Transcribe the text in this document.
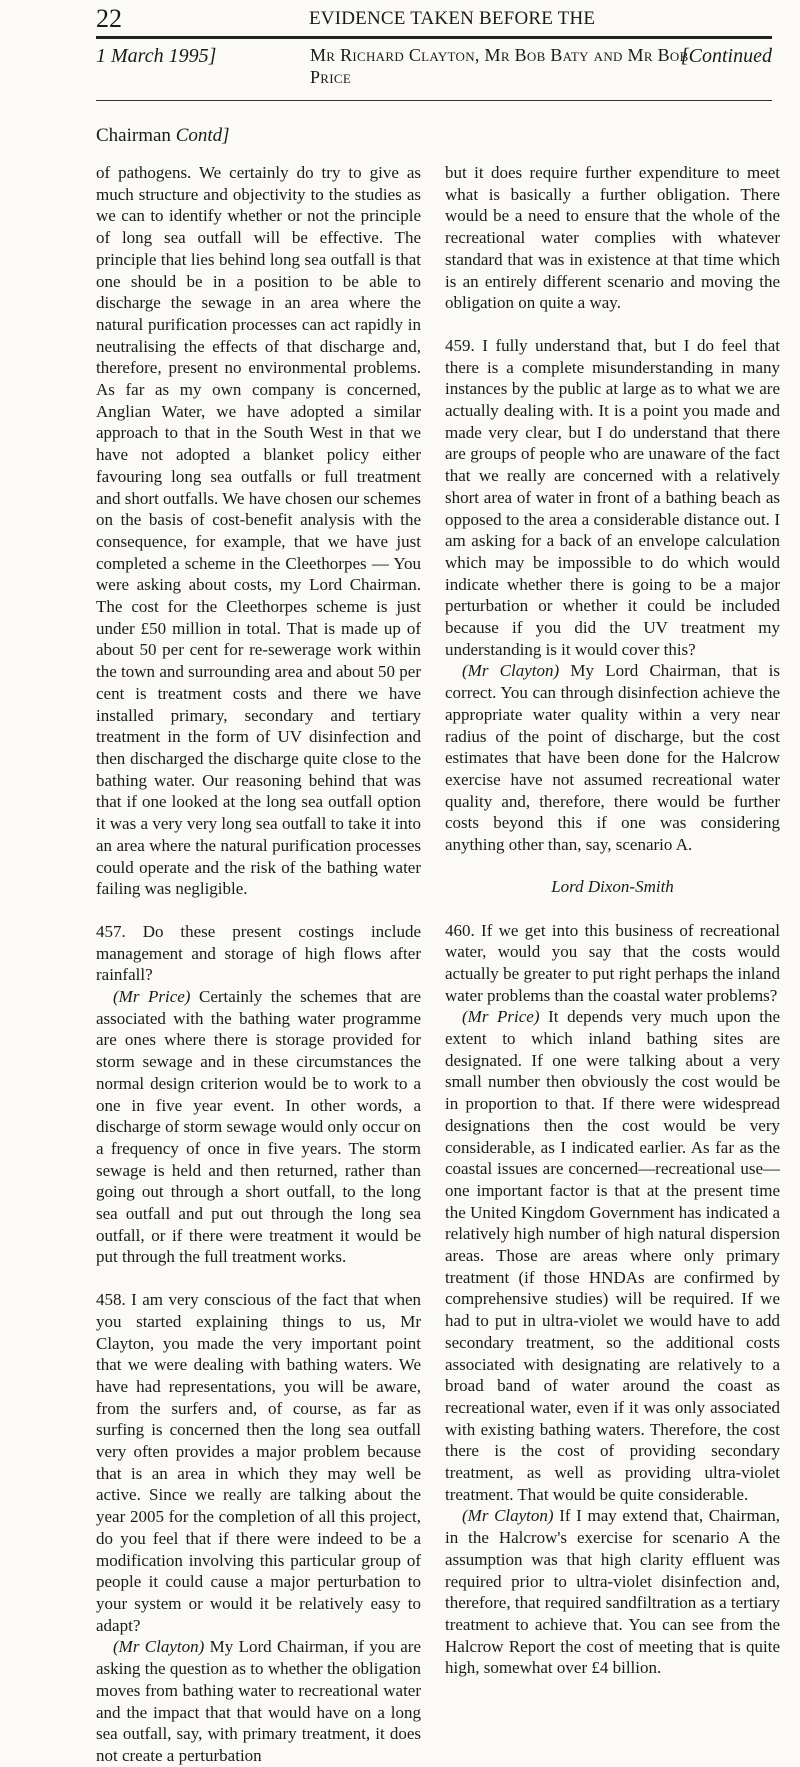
22	EVIDENCE TAKEN BEFORE THE
1 March 1995]	Mr Richard Clayton, Mr Bob Baty and Mr Bob Price
[Continued
Chairman Contd]

of pathogens. We certainly do try to give as much structure and objectivity to the studies as we can to identify whether or not the principle of long sea outfall will be effective. The principle that lies behind long sea outfall is that one should be in a position to be able to discharge the sewage in an area where the natural purification processes can act rapidly in neutralising the effects of that discharge and, therefore, present no environmental problems. As far as my own company is concerned, Anglian Water, we have adopted a similar approach to that in the South West in that we have not adopted a blanket policy either favouring long sea outfalls or full treatment and short outfalls. We have chosen our schemes on the basis of cost-benefit analysis with the consequence, for example, that we have just completed a scheme in the Cleethorpes — You were asking about costs, my Lord Chairman. The cost for the Cleethorpes scheme is just under £50 million in total. That is made up of about 50 per cent for re-sewerage work within the town and surrounding area and about 50 per cent is treatment costs and there we have installed primary, secondary and tertiary treatment in the form of UV disinfection and then discharged the discharge quite close to the bathing water. Our reasoning behind that was that if one looked at the long sea outfall option it was a very very long sea outfall to take it into an area where the natural purification processes could operate and the risk of the bathing water failing was negligible.

457. Do these present costings include management and storage of high flows after rainfall?

(Mr Price) Certainly the schemes that are associated with the bathing water programme are ones where there is storage provided for storm sewage and in these circumstances the normal design criterion would be to work to a one in five year event. In other words, a discharge of storm sewage would only occur on a frequency of once in five years. The storm sewage is held and then returned, rather than going out through a short outfall, to the long sea outfall and put out through the long sea outfall, or if there were treatment it would be put through the full treatment works.

458. I am very conscious of the fact that when you started explaining things to us, Mr Clayton, you made the very important point that we were dealing with bathing waters. We have had representations, you will be aware, from the surfers and, of course, as far as surfing is concerned then the long sea outfall very often provides a major problem because that is an area in which they may well be active. Since we really are talking about the year 2005 for the completion of all this project, do you feel that if there were indeed to be a modification involving this particular group of people it could cause a major perturbation to your system or would it be relatively easy to adapt?

(Mr Clayton) My Lord Chairman, if you are asking the question as to whether the obligation moves from bathing water to recreational water and the impact that that would have on a long sea outfall, say, with primary treatment, it does not create a perturbation

but it does require further expenditure to meet what is basically a further obligation. There would be a need to ensure that the whole of the recreational water complies with whatever standard that was in existence at that time which is an entirely different scenario and moving the obligation on quite a way.

459. I fully understand that, but I do feel that there is a complete misunderstanding in many instances by the public at large as to what we are actually dealing with. It is a point you made and made very clear, but I do understand that there are groups of people who are unaware of the fact that we really are concerned with a relatively short area of water in front of a bathing beach as opposed to the area a considerable distance out. I am asking for a back of an envelope calculation which may be impossible to do which would indicate whether there is going to be a major perturbation or whether it could be included because if you did the UV treatment my understanding is it would cover this?

(Mr Clayton) My Lord Chairman, that is correct. You can through disinfection achieve the appropriate water quality within a very near radius of the point of discharge, but the cost estimates that have been done for the Halcrow exercise have not assumed recreational water quality and, therefore, there would be further costs beyond this if one was considering anything other than, say, scenario A.

Lord Dixon-Smith

460. If we get into this business of recreational water, would you say that the costs would actually be greater to put right perhaps the inland water problems than the coastal water problems?

(Mr Price) It depends very much upon the extent to which inland bathing sites are designated. If one were talking about a very small number then obviously the cost would be in proportion to that. If there were widespread designations then the cost would be very considerable, as I indicated earlier. As far as the coastal issues are concerned—recreational use—one important factor is that at the present time the United Kingdom Government has indicated a relatively high number of high natural dispersion areas. Those are areas where only primary treatment (if those HNDAs are confirmed by comprehensive studies) will be required. If we had to put in ultra-violet we would have to add secondary treatment, so the additional costs associated with designating are relatively to a broad band of water around the coast as recreational water, even if it was only associated with existing bathing waters. Therefore, the cost there is the cost of providing secondary treatment, as well as providing ultra-violet treatment. That would be quite considerable.

(Mr Clayton) If I may extend that, Chairman, in the Halcrow's exercise for scenario A the assumption was that high clarity effluent was required prior to ultra-violet disinfection and, therefore, that required sandfiltration as a tertiary treatment to achieve that. You can see from the Halcrow Report the cost of meeting that is quite high, somewhat over £4 billion.
